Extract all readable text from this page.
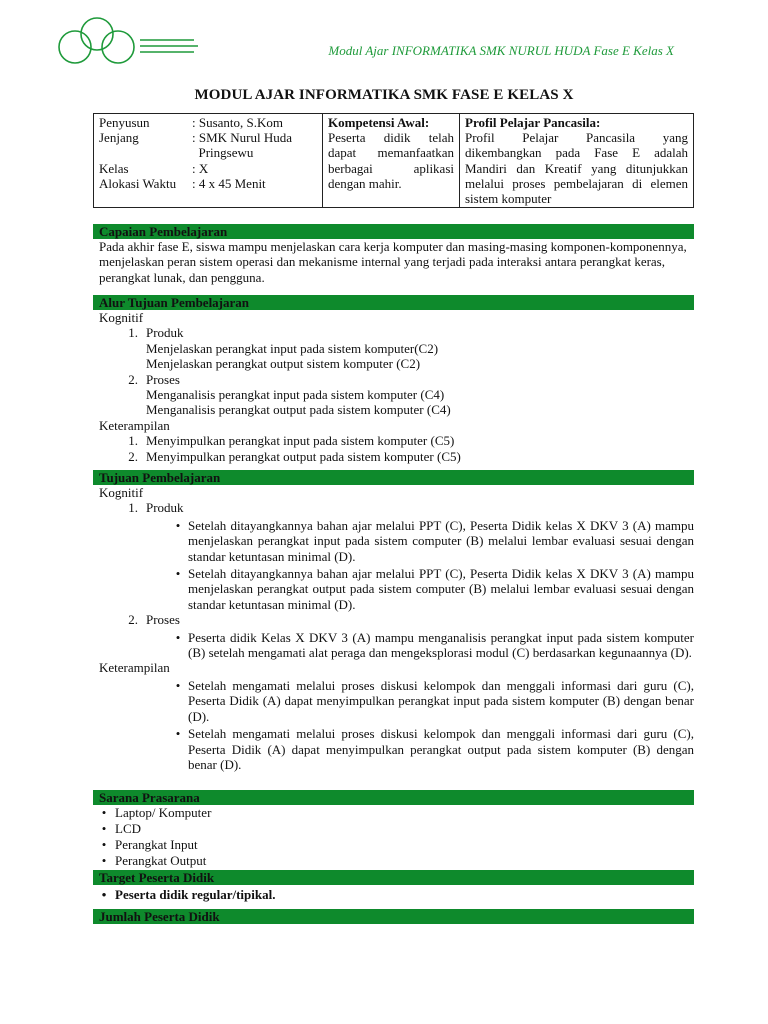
Modul Ajar INFORMATIKA SMK NURUL HUDA Fase E Kelas X
MODUL AJAR INFORMATIKA SMK FASE E KELAS X
Penyusun	: Susanto, S.Kom
Jenjang	: SMK Nurul Huda
Pringsewu
Kelas	: X
Alokasi Waktu	: 4 x 45 Menit

Kompetensi Awal:
Peserta didik telah dapat memanfaatkan berbagai aplikasi dengan mahir.

Profil Pelajar Pancasila:
Profil Pelajar Pancasila yang dikembangkan pada Fase E adalah Mandiri dan Kreatif yang ditunjukkan melalui proses pembelajaran di elemen sistem komputer
Capaian Pembelajaran
Pada akhir fase E, siswa mampu menjelaskan cara kerja komputer dan masing-masing komponen-komponennya, menjelaskan peran sistem operasi dan mekanisme internal yang terjadi pada interaksi antara perangkat keras, perangkat lunak, dan pengguna.
Alur Tujuan Pembelajaran
Kognitif
1. Produk
Menjelaskan perangkat input pada sistem komputer(C2)
Menjelaskan perangkat output sistem komputer (C2)
2. Proses
Menganalisis perangkat input pada sistem komputer (C4)
Menganalisis perangkat output pada sistem komputer (C4)
Keterampilan
1. Menyimpulkan perangkat input pada sistem komputer (C5)
2. Menyimpulkan perangkat output pada sistem komputer (C5)
Tujuan Pembelajaran
Kognitif
1. Produk
• Setelah ditayangkannya bahan ajar melalui PPT (C), Peserta Didik kelas X DKV 3 (A) mampu menjelaskan perangkat input pada sistem computer (B) melalui lembar evaluasi sesuai dengan standar ketuntasan minimal (D).
• Setelah ditayangkannya bahan ajar melalui PPT (C), Peserta Didik kelas X DKV 3 (A) mampu menjelaskan perangkat output pada sistem computer (B) melalui lembar evaluasi sesuai dengan standar ketuntasan minimal (D).
2. Proses
• Peserta didik Kelas X DKV 3 (A) mampu menganalisis perangkat input pada sistem komputer (B) setelah mengamati alat peraga dan mengeksplorasi modul (C) berdasarkan kegunaannya (D).
Keterampilan
• Setelah mengamati melalui proses diskusi kelompok dan menggali informasi dari guru (C), Peserta Didik (A) dapat menyimpulkan perangkat input pada sistem komputer (B) dengan benar (D).
• Setelah mengamati melalui proses diskusi kelompok dan menggali informasi dari guru (C), Peserta Didik (A) dapat menyimpulkan perangkat output pada sistem komputer (B) dengan benar (D).
Sarana Prasarana
• Laptop/ Komputer
• LCD
• Perangkat Input
• Perangkat Output
Target Peserta Didik
• Peserta didik regular/tipikal.
Jumlah Peserta Didik
